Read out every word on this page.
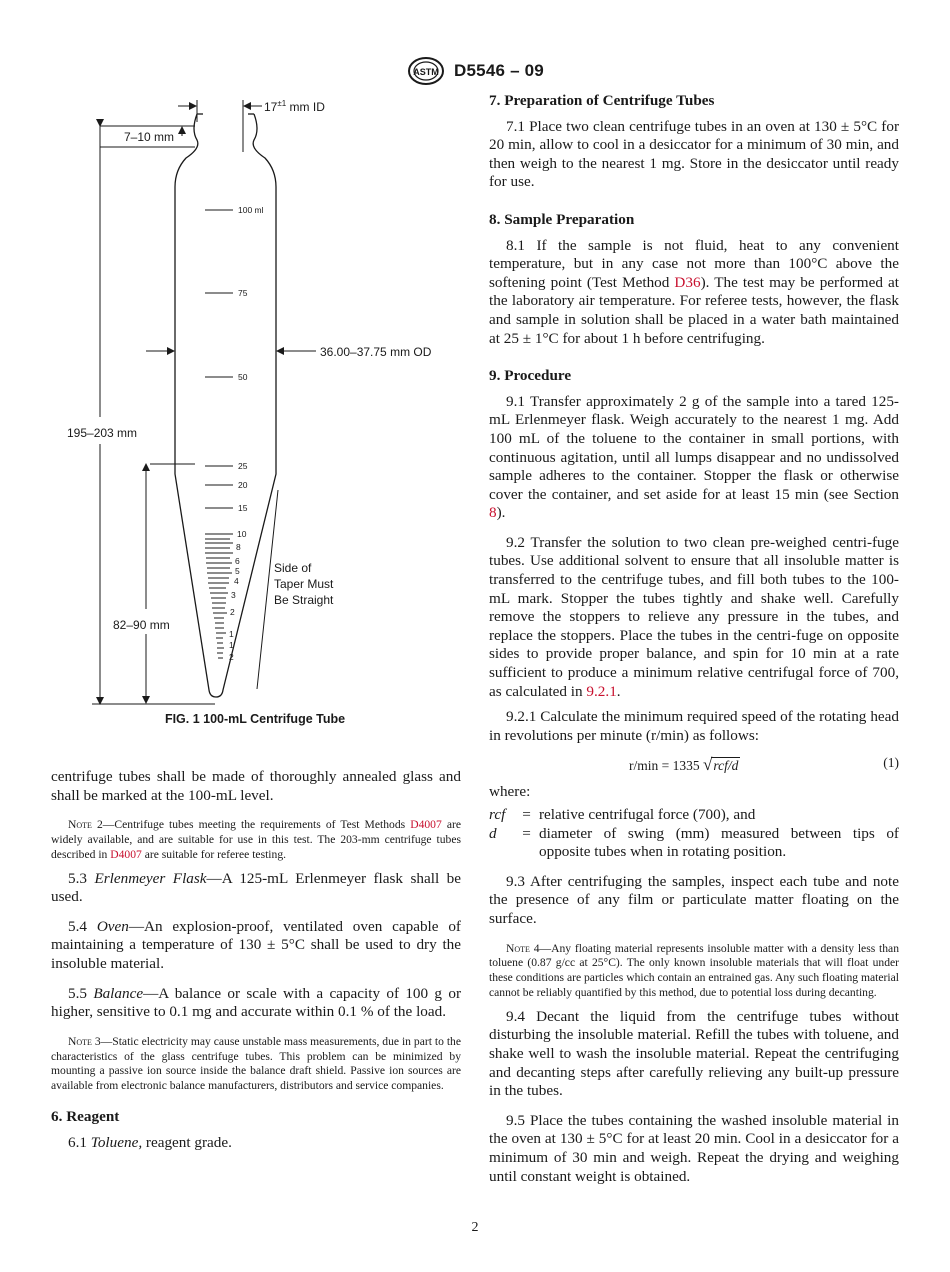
ASTM D5546 – 09
100 ml
75
50
25
20
15
10
8
6
5
4
3
2
1
1
2
$17^{\pm 1}$ mm ID
7–10 mm
36.00–37.75 mm OD
195–203 mm
82–90 mm
Side of
Taper Must
Be Straight
FIG. 1 100-mL Centrifuge Tube

centrifuge tubes shall be made of thoroughly annealed glass and shall be marked at the 100-mL level.

Note 2—Centrifuge tubes meeting the requirements of Test Methods D4007 are widely available, and are suitable for use in this test. The 203-mm centrifuge tubes described in D4007 are suitable for referee testing.

5.3 Erlenmeyer Flask—A 125-mL Erlenmeyer flask shall be used.

5.4 Oven—An explosion-proof, ventilated oven capable of maintaining a temperature of 130 ± 5°C shall be used to dry the insoluble material.

5.5 Balance—A balance or scale with a capacity of 100 g or higher, sensitive to 0.1 mg and accurate within 0.1 % of the load.

Note 3—Static electricity may cause unstable mass measurements, due in part to the characteristics of the glass centrifuge tubes. This problem can be minimized by mounting a passive ion source inside the balance draft shield. Passive ion sources are available from electronic balance manufacturers, distributors and service companies.

6. Reagent

6.1 Toluene, reagent grade.

7. Preparation of Centrifuge Tubes

7.1 Place two clean centrifuge tubes in an oven at 130 ± 5°C for 20 min, allow to cool in a desiccator for a minimum of 30 min, and then weigh to the nearest 1 mg. Store in the desiccator until ready for use.

8. Sample Preparation

8.1 If the sample is not fluid, heat to any convenient temperature, but in any case not more than 100°C above the softening point (Test Method D36). The test may be performed at the laboratory air temperature. For referee tests, however, the flask and sample in solution shall be placed in a water bath maintained at 25 ± 1°C for about 1 h before centrifuging.

9. Procedure

9.1 Transfer approximately 2 g of the sample into a tared 125-mL Erlenmeyer flask. Weigh accurately to the nearest 1 mg. Add 100 mL of the toluene to the container in small portions, with continuous agitation, until all lumps disappear and no undissolved sample adheres to the container. Stopper the flask or otherwise cover the container, and set aside for at least 15 min (see Section 8).

9.2 Transfer the solution to two clean pre-weighed centri-fuge tubes. Use additional solvent to ensure that all insoluble matter is transferred to the centrifuge tubes, and fill both tubes to the 100-mL mark. Stopper the tubes tightly and shake well. Carefully remove the stoppers to relieve any pressure in the tubes, and replace the stoppers. Place the tubes in the centri-fuge on opposite sides to provide proper balance, and spin for 10 min at a rate sufficient to produce a minimum relative centrifugal force of 700, as calculated in 9.2.1.

9.2.1 Calculate the minimum required speed of the rotating head in revolutions per minute (r/min) as follows:

r/min = 1335 √rcf/d	(1)

where:

rcf	= relative centrifugal force (700), and
d	= diameter of swing (mm) measured between tips of opposite tubes when in rotating position.

9.3 After centrifuging the samples, inspect each tube and note the presence of any film or particulate matter floating on the surface.

Note 4—Any floating material represents insoluble matter with a density less than toluene (0.87 g/cc at 25°C). The only known insoluble materials that will float under these conditions are particles which contain an entrained gas. Any such floating material cannot be reliably quantified by this method, due to potential loss during decanting.

9.4 Decant the liquid from the centrifuge tubes without disturbing the insoluble material. Refill the tubes with toluene, and shake well to wash the insoluble material. Repeat the centrifuging and decanting steps after carefully relieving any built-up pressure in the tubes.

9.5 Place the tubes containing the washed insoluble material in the oven at 130 ± 5°C for at least 20 min. Cool in a desiccator for a minimum of 30 min and weigh. Repeat the drying and weighing until constant weight is obtained.

2
